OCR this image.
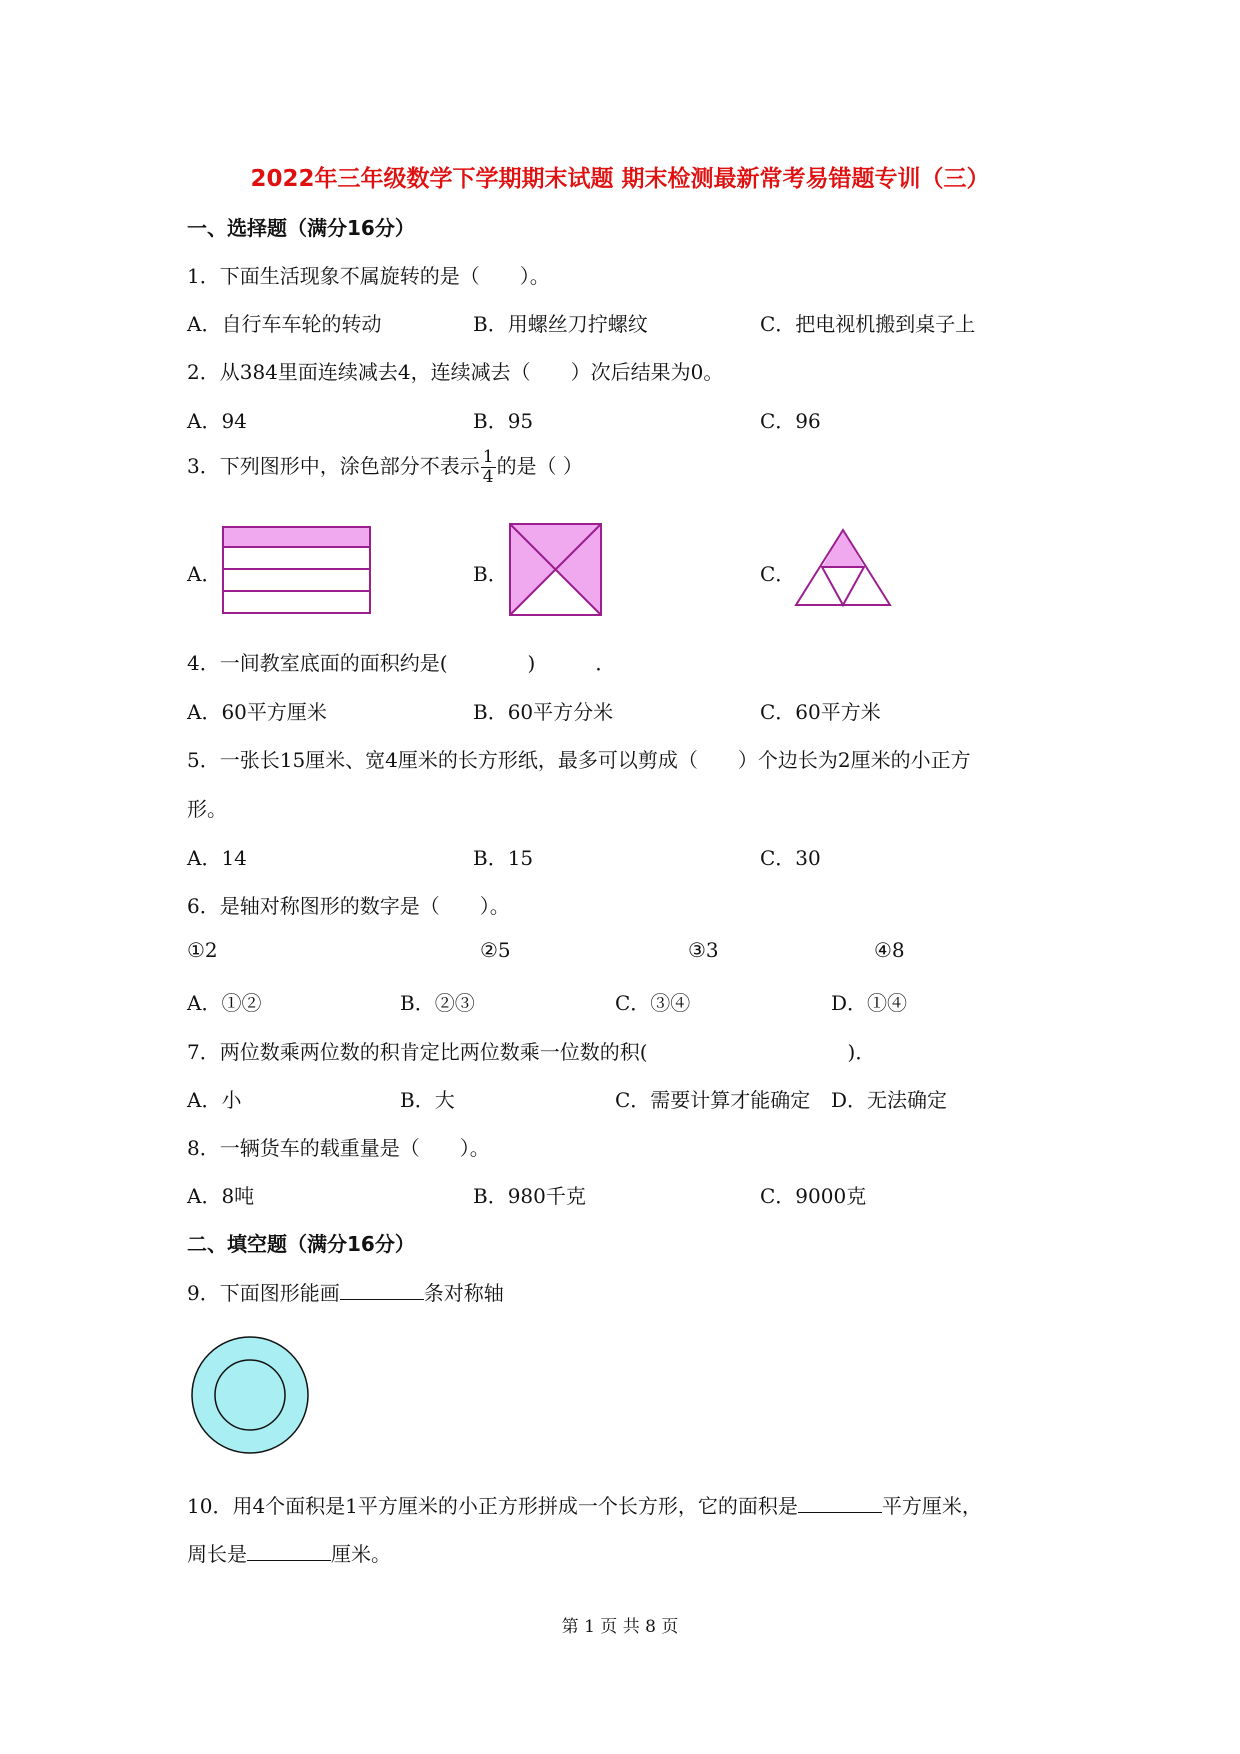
2022年三年级数学下学期期末试题 期末检测最新常考易错题专训（三）
一、选择题（满分16分）
1．下面生活现象不属旋转的是（　　）。
A．自行车车轮的转动	B．用螺丝刀拧螺纹	C．把电视机搬到桌子上
2．从384里面连续减去4，连续减去（　　）次后结果为0。
A．94	B．95	C．96
3．下列图形中，涂色部分不表示 $\frac{1}{4}$ 的是（ ）
A．	B．	C．
4．一间教室底面的面积约是(　　　　)　　　．
A．60平方厘米	B．60平方分米	C．60平方米
5．一张长15厘米、宽4厘米的长方形纸，最多可以剪成（　　）个边长为2厘米的小正方
形。
A．14	B．15	C．30
6．是轴对称图形的数字是（　　）。
①2	②5	③3	④8
A．①②	B．②③	C．③④	D．①④
7．两位数乘两位数的积肯定比两位数乘一位数的积(　　　　　　　　　　)．
A．小	B．大	C．需要计算才能确定 D．无法确定
8．一辆货车的载重量是（　　）。
A．8吨	B．980千克	C．9000克
二、填空题（满分16分）
9．下面图形能画	条对称轴
10．用4个面积是1平方厘米的小正方形拼成一个长方形，它的面积是	平方厘米，
周长是	厘米。
第 1 页 共 8 页
